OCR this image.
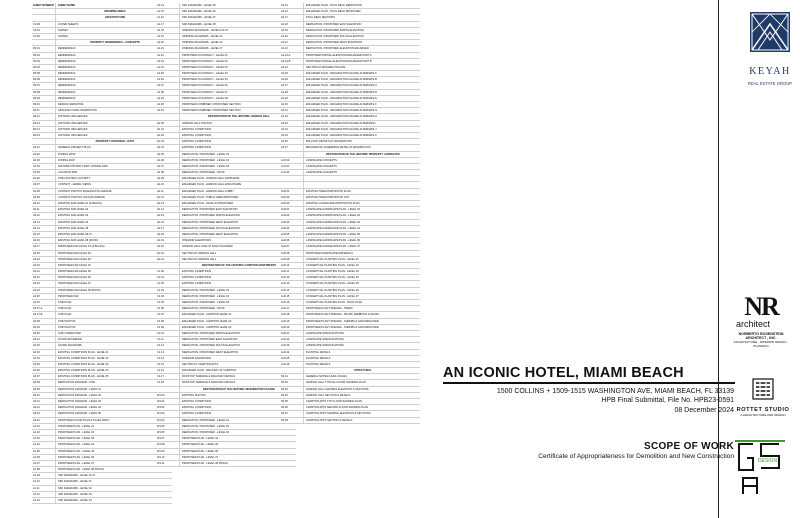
SHEET NUMBER	SHEET NAME
DRAWING INDEX
ARCHITECTURE
C0.00	COVER SHEETS
C0.01	SURVEY
C0.02	SURVEY
PROPERTY RENDERINGS + CONCEPTS
R0.01	RENDERINGS
R0.02	RENDERINGS
R0.03	RENDERINGS
R0.04	RENDERINGS
R0.05	RENDERINGS
R0.06	RENDERINGS
R0.07	RENDERINGS
R0.08	RENDERINGS
R0.09	RENDERINGS
R0.10	DESIGN NARRATIVE
R0.11	ARCHITECTURAL INSPIRATION
R0.12	HISTORIC INFLUENCES
R0.13	HISTORIC INFLUENCES
R0.14	HISTORIC INFLUENCES
R0.15	HISTORIC INFLUENCES
PROPERTY OVERVIEW + DATA
A0.01	GENERAL PROJECT PLAN
A0.02	ZONING DATA
A0.03	ZONING MAP
A0.04	HISTORIC DISTRICT MAP / ZONING MAP
A0.05	LOCATION MAP
A0.06	SITE HISTORIC CONTEXT
A0.07	CONTEXT - AERIAL VIEWS
A0.08	CONTEXT PHOTOS WASHINGTON AVENUE
A0.09	CONTEXT PHOTOS COLLINS AVENUE
A0.10	EXISTING FAR LEVEL 01 (& BLDGS)
A0.11	EXISTING FAR LEVEL 02
A0.12	EXISTING FAR LEVEL 03
A0.13	EXISTING FAR LEVEL 04
A0.14	EXISTING FAR LEVEL 05
A0.15	EXISTING FAR LEVEL 06-07
A0.16	EXISTING FAR LEVEL 08 (ROOF)
A0.17	PROPOSED FAR LEVEL 01 (& BLDGS)
A0.18	PROPOSED FAR LEVEL 02
A0.19	PROPOSED FAR LEVEL 03
A0.20	PROPOSED FAR LEVEL 04
A0.21	PROPOSED FAR LEVEL 05
A0.22	PROPOSED FAR LEVEL 06
A0.23	PROPOSED FAR LEVEL 07
A0.24	PROPOSED FAR LEVEL 08 (ROOF)
A0.25	PROPOSED FAR
A0.26	SITE PLAN
A0.27-A	SITE PLAN
A0.27-B	SITE PLAN
A0.28	SITE PHOTOS
A0.29	SITE PHOTOS
A0.30	SITE CABLES MAP
A0.31	FLOOD INCIDENCE
A0.32	SCOPE DIAGRAMS
A0.33	EXISTING CONDITIONS PLAN - LEVEL 01
A0.34	EXISTING CONDITIONS PLAN - LEVEL 02
A0.35	EXISTING CONDITIONS PLAN - LEVEL 03
A0.36	EXISTING CONDITIONS PLAN - LEVEL 04
A0.37	EXISTING CONDITIONS PLAN - LEVEL 05
A0.38	DEMOLITION DIAGRAM - SITE
A0.39	DEMOLITION DIAGRAM - LEVEL 01
A0.40	DEMOLITION DIAGRAM - LEVEL 02
A0.41	DEMOLITION DIAGRAM - LEVEL 03
A0.42	DEMOLITION DIAGRAM - LEVEL 04
A0.43	DEMOLITION DIAGRAM - LEVEL 05
A0.44	PROPOSED FLOOR PLAN & PLAZA PATIO
A1.01	PROPOSED PLAN - LEVEL 01
A1.02	PROPOSED PLAN - LEVEL 02
A1.03	PROPOSED PLAN - LEVEL 03
A1.04	PROPOSED PLAN - LEVEL 04
A1.05	PROPOSED PLAN - LEVEL 05
A1.06	PROPOSED PLAN - LEVEL 06
A1.07	PROPOSED PLAN - LEVEL 07
A1.08	PROPOSED PLAN - LEVEL 08 (ROOF)
A1.09	SDF DIAGRAMS - LEVEL 01-07
A1.10	SDF DIAGRAMS - LEVEL 01
A1.11	SDF DIAGRAMS - LEVEL 02
A1.12	SDF DIAGRAMS - LEVEL 03
A1.13	SDF DIAGRAMS - LEVEL 04
A1.14	SDF DIAGRAMS - LEVEL 05
A1.15	SDF DIAGRAMS - LEVEL 06
A1.16	SDF DIAGRAMS - LEVEL 07
A1.17	SDF DIAGRAMS - LEVEL 08
A1.18	OPENING DIAGRAMS - LEVELS 01-07
A1.19	OPENING DIAGRAMS - LEVEL 01
A1.20	OPENING DIAGRAMS - LEVEL 02
A1.21	OPENING DIAGRAMS - LEVEL 07
A1.22	PROPOSED OCCUPANCY - LEVEL 01
A1.23	PROPOSED OCCUPANCY - LEVEL 02
A1.24	PROPOSED OCCUPANCY - LEVEL 03
A1.25	PROPOSED OCCUPANCY - LEVEL 04
A1.26	PROPOSED OCCUPANCY - LEVEL 05
A1.27	PROPOSED OCCUPANCY - LEVEL 06
A1.28	PROPOSED OCCUPANCY - LEVEL 07
A1.29	PROPOSED OCCUPANCY - LEVEL 08
A1.30	PROPOSED COMBINED / PROPOSED SECTION
A1.31	PROPOSED COMBINED / PROPOSED SECTION
RESTORATION OF THE HISTORIC HADDON HALL
H1.00	HADDON HALL PHOTOS
H1.01	EXISTING CONDITIONS
H1.02	EXISTING CONDITIONS
H1.03	EXISTING CONDITIONS
H1.04	EXISTING CONDITIONS
H1.05	DEMOLITION / PROPOSED - LEVEL 01
H1.06	DEMOLITION / PROPOSED - LEVEL 02
H1.07	DEMOLITION / PROPOSED - LEVEL 03
H1.08	DEMOLITION / PROPOSED - ROOF
H1.09	ENLARGED PLAN - HADDON HALL ENTRANCE
H1.10	ENLARGED PLAN - HADDON HALL ENCLOSURE
H1.11	ENLARGED PLAN - HADDON HALL LOBBY
H1.12	ENLARGED PLAN - PUBLIC AREA PROPOSED
H1.13	ENLARGED PLAN - LEVEL 02 PROPOSED
H1.14	DEMOLITION / PROPOSED EAST ELEVATION
H1.15	DEMOLITION / PROPOSED NORTH ELEVATION
H1.16	DEMOLITION / PROPOSED WEST ELEVATION
H1.17	DEMOLITION / PROPOSED SOUTH ELEVATION
H1.18	DEMOLITION / PROPOSED WEST ELEVATION
H1.19	INTERIOR ELEVATIONS
H1.20	HADDON HALL LINE OF SIGHT DIAGRAM
H1.21	SECTION AT HADDON HALL
H1.22	SECTION AT HADDON HALL
RESTORATION OF THE HISTORIC CAMPTON APARTMENTS
C1.00	EXISTING CONDITIONS
C1.01	EXISTING CONDITIONS
C1.02	EXISTING CONDITIONS
C1.03	DEMOLITION / PROPOSED - LEVEL 01
C1.04	DEMOLITION / PROPOSED - LEVEL 02
C1.05	DEMOLITION / PROPOSED - LEVEL 03
C1.06	DEMOLITION / PROPOSED - ROOF
C1.07	ENLARGED PLAN - CAMPTON LEVEL 01
C1.08	ENLARGED PLAN - CAMPTON LEVEL 02
C1.09	ENLARGED PLAN - CAMPTON LEVEL 03
C1.10	DEMOLITION / PROPOSED NORTH ELEVATION
C1.11	DEMOLITION / PROPOSED EAST ELEVATION
C1.12	DEMOLITION / PROPOSED SOUTH ELEVATION
C1.13	DEMOLITION / PROPOSED WEST ELEVATION
C1.14	INTERIOR ELEVATIONS
C1.15	SECTION AT CAMPTON APTS
C1.16	ENLARGED PLAN - WALKWAY AT CAMPTON
C1.17	ROOFTOP TERRACE & WALKWAY DETAILS
C1.18	ROOFTOP TERRACE & WALKWAY DETAILS
RESTORATION OF THE HISTORIC WASHINGTON FACADE
W1.00	EXISTING PHOTOS
W1.01	EXISTING CONDITIONS
W1.02	EXISTING CONDITIONS
W1.03	EXISTING CONDITIONS
W1.04	DEMOLITION / PROPOSED - LEVEL 01
W1.05	DEMOLITION / PROPOSED - LEVEL 02
W1.06	DEMOLITION / PROPOSED - LEVEL 03
W1.07	PROPOSED PLAN - LEVEL 04
W1.08	PROPOSED PLAN - LEVEL 05
W1.09	PROPOSED PLAN - LEVEL 06
W1.10	PROPOSED PLAN - LEVEL 07
W1.11	PROPOSED PLAN - LEVEL 08 (ROOF)
A2.15	ENLARGED PLAN - POOL DECK DEMOLITION
A2.16	ENLARGED PLAN - POOL DECK PROPOSED
A2.17	POOL DECK SECTIONS
A2.18	DEMOLITION / PROPOSED EAST ELEVATION
A2.19	DEMOLITION / PROPOSED NORTH ELEVATION
A2.20	DEMOLITION / PROPOSED SOUTH ELEVATION
A2.21	DEMOLITION / PROPOSED WEST ELEVATION
A2.22	DEMOLITION / PROPOSED ELEVATION ENLARGED
A2.23-A	PROPOSED PARTIAL ELEVATION ENLARGED PART A
A2.23-B	PROPOSED PARTIAL ELEVATION ENLARGED PART B
A2.24	SECTION AT WASHINGTON AVE
A2.25	ENLARGED PLAN - WASHINGTON FACADE ALTERNATE A
A2.26	ENLARGED PLAN - WASHINGTON FACADE ALTERNATE B
A2.27	ENLARGED PLAN - WASHINGTON FACADE ALTERNATE C
A2.28	ENLARGED PLAN - WASHINGTON FACADE ALTERNATE D
A2.29	ENLARGED PLAN - WASHINGTON FACADE ALTERNATE E
A2.30	ENLARGED PLAN - WASHINGTON FACADE ALTERNATE F
A2.31	ENLARGED PLAN - WASHINGTON FACADE ALTERNATE G
A2.32	ENLARGED PLAN - WASHINGTON FACADE ALTERNATE H
A2.33	ENLARGED PLAN - WASHINGTON FACADE ALTERNATE I
A2.34	ENLARGED PLAN - WASHINGTON FACADE ALTERNATE J
A2.35	ENLARGED PLAN - WASHINGTON FACADE ALTERNATE K
A2.36	BALCONY DETAILS AT WASHINGTON
A2.37	MECHANICAL SCREENING DETAIL AT WASHINGTON
RESTORATION OF THE HISTORIC PROPERTY LANDSCAPE
LC0.00	LANDSCAPE CONCEPTS
LC0.01	LANDSCAPE CONCEPTS
LC0.02	LANDSCAPE CONCEPTS
LD0.01	EXISTING TREE DISPOSITION PLAN
LD0.02	EXISTING TREE DISPOSITION LIST
LD0.03	EXISTING LANDSCAPE DISPOSITION PLAN
LH0.01	LANDSCAPE HARDSCAPE PLAN - LEVEL 01
LH0.02	LANDSCAPE HARDSCAPE PLAN - LEVEL 02
LH0.03	LANDSCAPE HARDSCAPE PLAN - LEVEL 03
LH0.04	LANDSCAPE HARDSCAPE PLAN - LEVEL 04
LH0.05	LANDSCAPE HARDSCAPE PLAN - LEVEL 05
LH0.06	LANDSCAPE HARDSCAPE PLAN - LEVEL 06
LH0.07	LANDSCAPE HARDSCAPE PLAN - LEVEL 07
LH0.08	PROPOSED HARDSCAPE MATERIALS
LH0.09	CONCEPTUAL PLANTING PLAN - LEVEL 01
LH0.10	CONCEPTUAL PLANTING PLAN - LEVEL 02
LH0.11	CONCEPTUAL PLANTING PLAN - LEVEL 03
LH0.12	CONCEPTUAL PLANTING PLAN - LEVEL 04
LH0.13	CONCEPTUAL PLANTING PLAN - LEVEL 05
LH0.14	CONCEPTUAL PLANTING PLAN - LEVEL 06
LH0.15	CONCEPTUAL PLANTING PLAN - LEVEL 07
LH0.16	CONCEPTUAL PLANTING PLAN - ROOF PLAN
LH0.17	PROPOSED PLANT SPECIES - TREES
LH0.18	PROPOSED PLANT SPECIES - PALMS, BAMBOOS & PALMS
LH0.19	PROPOSED PLANT SPECIES - SHRUBS & GROUNDCOVER
LH0.20	PROPOSED PLANT SPECIES - SHRUBS & GROUNDCOVER
LH0.21	LANDSCAPE SPECIFICATIONS
LH0.22	LANDSCAPE SPECIFICATIONS
LH0.23	LANDSCAPE SPECIFICATIONS
LH0.24	PLANTING DETAILS
LH0.25	PLANTING DETAILS
LH0.26	PLANTING DETAILS
STRUCTURAL
S0.01	GENERAL NOTES & ENG. RULES
S0.02	HADDON HALL TYPICAL FLOOR SHORING PLAN
S0.03	HADDON HALL SHORING ELEVATION & SECTIONS
S0.04	HADDON HALL SECTION & DETAILS
S0.05	CAMPTON APTS TYP FLOOR SHORING PLAN
S0.06	CAMPTON APTS SECOND FLOOR SHORING PLAN
S0.07	CAMPTON APTS SHORING ELEVATION & SECTIONS
S0.08	CAMPTON APTS SECTION & DETAILS
AN ICONIC HOTEL, MIAMI BEACH
1500 COLLINS + 1509-1515 WASHINGTON AVE, MIAMI BEACH, FL 33139
HPB Final Submittal, File No. HPB23-0591
08 December 2024
SCOPE OF WORK
Certificate of Appropriateness for Demolition and New Construction
KEYAH
REAL ESTATE GROUP
NR
architect
NORBERTO ROSENSTEIN ARCHITECT , INC.
ARCHITECTURE · INTERIOR DESIGN · PLANNING
ROTTET STUDIO
A ARCHITECTURE AND DESIGN
DESIGN
